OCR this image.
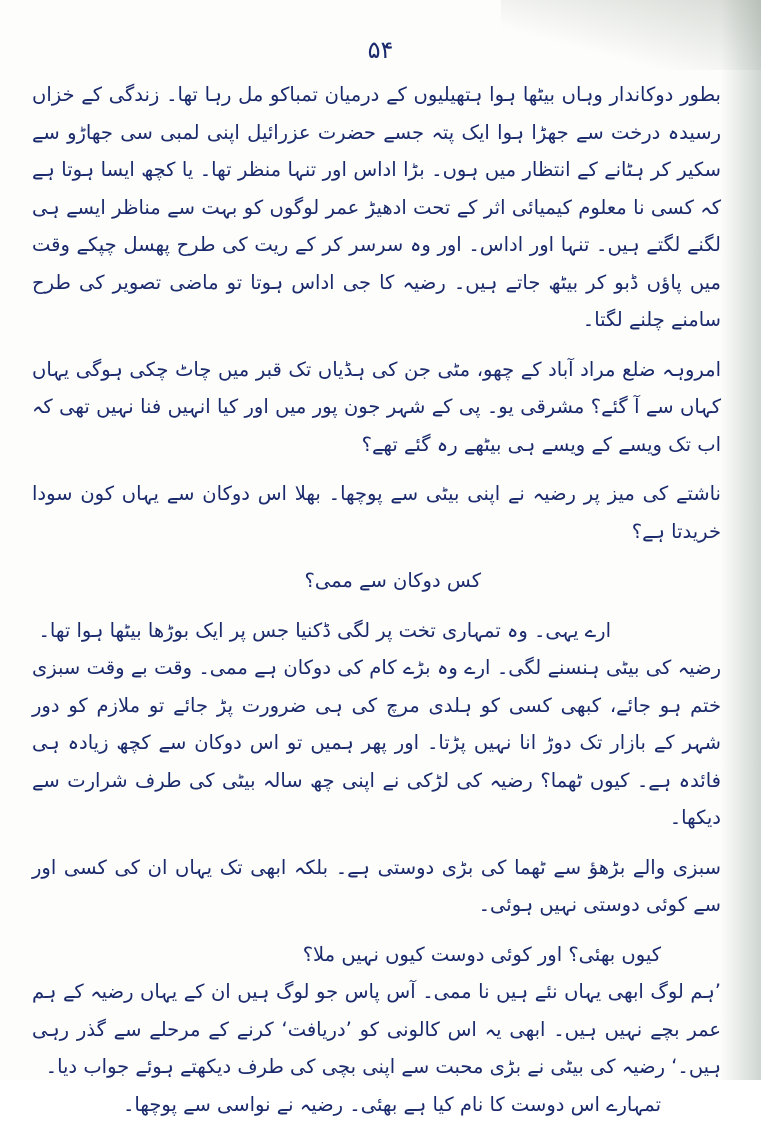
۵۴

بطور دوکاندار وہاں بیٹھا ہوا ہتھیلیوں کے درمیان تمباکو مل رہا تھا۔ زندگی کے خزاں رسیدہ درخت سے جھڑا ہوا ایک پتہ جسے حضرت عزرائیل اپنی لمبی سی جھاڑو سے سکیر کر ہٹانے کے انتظار میں ہوں۔ بڑا اداس اور تنہا منظر تھا۔ یا کچھ ایسا ہوتا ہے کہ کسی نا معلوم کیمیائی اثر کے تحت ادھیڑ عمر لوگوں کو بہت سے مناظر ایسے ہی لگنے لگتے ہیں۔ تنہا اور اداس۔ اور وہ سرسر کر کے ریت کی طرح پھسل چپکے وقت میں پاؤں ڈبو کر بیٹھ جاتے ہیں۔ رضیہ کا جی اداس ہوتا تو ماضی تصویر کی طرح سامنے چلنے لگتا۔

امروہہ ضلع مراد آباد کے چھو، مٹی جن کی ہڈیاں تک قبر میں چاٹ چکی ہوگی یہاں کہاں سے آ گئے؟ مشرقی یو۔ پی کے شہر جون پور میں اور کیا انہیں فنا نہیں تھی کہ اب تک ویسے کے ویسے ہی بیٹھے رہ گئے تھے؟

ناشتے کی میز پر رضیہ نے اپنی بیٹی سے پوچھا۔ بھلا اس دوکان سے یہاں کون سودا خریدتا ہے؟

کس دوکان سے ممی؟

ارے یہی۔ وہ تمہاری تخت پر لگی ڈکنیا جس پر ایک بوڑھا بیٹھا ہوا تھا۔

رضیہ کی بیٹی ہنسنے لگی۔ ارے وہ بڑے کام کی دوکان ہے ممی۔ وقت بے وقت سبزی ختم ہو جائے، کبھی کسی کو ہلدی مرچ کی ہی ضرورت پڑ جائے تو ملازم کو دور شہر کے بازار تک دوڑ انا نہیں پڑتا۔ اور پھر ہمیں تو اس دوکان سے کچھ زیادہ ہی فائدہ ہے۔ کیوں ٹھما؟ رضیہ کی لڑکی نے اپنی چھ سالہ بیٹی کی طرف شرارت سے دیکھا۔

سبزی والے بڑھؤ سے ٹھما کی بڑی دوستی ہے۔ بلکہ ابھی تک یہاں ان کی کسی اور سے کوئی دوستی نہیں ہوئی۔

کیوں بھئی؟ اور کوئی دوست کیوں نہیں ملا؟

’ہم لوگ ابھی یہاں نئے ہیں نا ممی۔ آس پاس جو لوگ ہیں ان کے یہاں رضیہ کے ہم عمر بچے نہیں ہیں۔ ابھی یہ اس کالونی کو ’دریافت‘ کرنے کے مرحلے سے گذر رہی ہیں۔‘ رضیہ کی بیٹی نے بڑی محبت سے اپنی بچی کی طرف دیکھتے ہوئے جواب دیا۔

تمہارے اس دوست کا نام کیا ہے بھئی۔ رضیہ نے نواسی سے پوچھا۔
